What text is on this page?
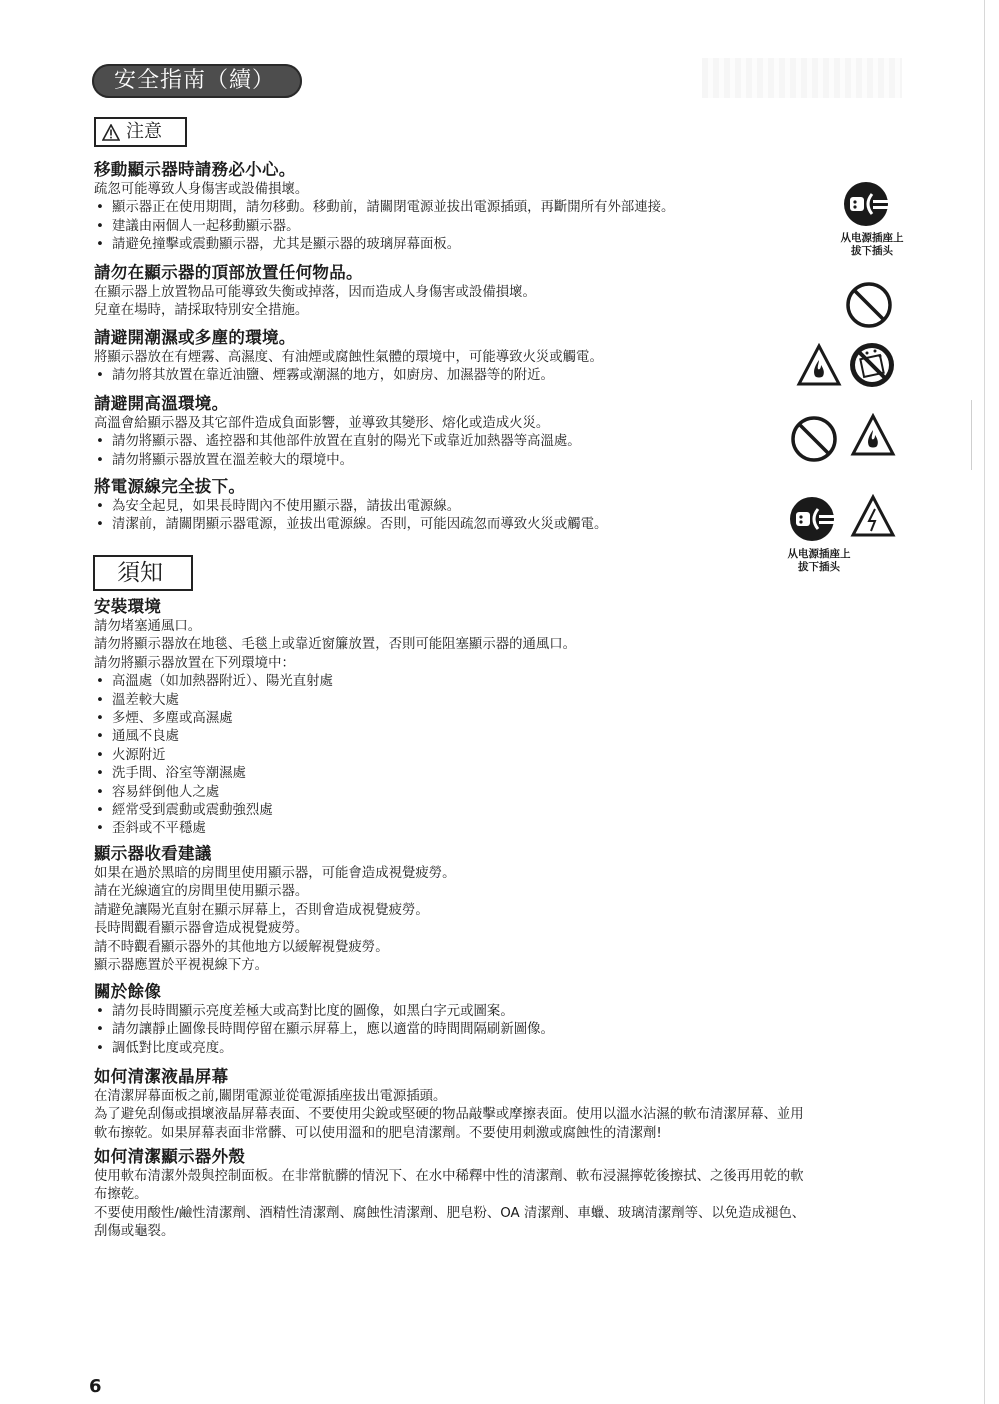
安全指南（續）
注意
移動顯示器時請務必小心。

疏忽可能導致人身傷害或設備損壞。

• 顯示器正在使用期間，請勿移動。移動前，請關閉電源並拔出電源插頭，再斷開所有外部連接。
• 建議由兩個人一起移動顯示器。
• 請避免撞擊或震動顯示器，尤其是顯示器的玻璃屏幕面板。
請勿在顯示器的頂部放置任何物品。

在顯示器上放置物品可能導致失衡或掉落，因而造成人身傷害或設備損壞。

兒童在場時，請採取特別安全措施。

請避開潮濕或多塵的環境。

將顯示器放在有煙霧、高濕度、有油煙或腐蝕性氣體的環境中，可能導致火災或觸電。

• 請勿將其放置在靠近油鹽、煙霧或潮濕的地方，如廚房、加濕器等的附近。
請避開高溫環境。

高溫會給顯示器及其它部件造成負面影響，並導致其變形、熔化或造成火災。

• 請勿將顯示器、遙控器和其他部件放置在直射的陽光下或靠近加熱器等高溫處。
• 請勿將顯示器放置在溫差較大的環境中。
將電源線完全拔下。
• 為安全起見，如果長時間內不使用顯示器，請拔出電源線。
• 清潔前，請關閉顯示器電源，並拔出電源線。否則，可能因疏忽而導致火災或觸電。
从电源插座上
拔下插头
从电源插座上
拔下插头
須知
安裝環境

請勿堵塞通風口。

請勿將顯示器放在地毯、毛毯上或靠近窗簾放置，否則可能阻塞顯示器的通風口。

請勿將顯示器放置在下列環境中：

• 高溫處（如加熱器附近）、陽光直射處
• 溫差較大處
• 多煙、多塵或高濕處
• 通風不良處
• 火源附近
• 洗手間、浴室等潮濕處
• 容易絆倒他人之處
• 經常受到震動或震動強烈處
• 歪斜或不平穩處
顯示器收看建議

如果在過於黑暗的房間里使用顯示器，可能會造成視覺疲勞。

請在光線適宜的房間里使用顯示器。

請避免讓陽光直射在顯示屏幕上，否則會造成視覺疲勞。

長時間觀看顯示器會造成視覺疲勞。

請不時觀看顯示器外的其他地方以緩解視覺疲勞。

顯示器應置於平視視線下方。

關於餘像
• 請勿長時間顯示亮度差極大或高對比度的圖像，如黑白字元或圖案。
• 請勿讓靜止圖像長時間停留在顯示屏幕上，應以適當的時間間隔刷新圖像。
• 調低對比度或亮度。
如何清潔液晶屏幕

在清潔屏幕面板之前,關閉電源並從電源插座拔出電源插頭。

為了避免刮傷或損壞液晶屏幕表面、不要使用尖銳或堅硬的物品敲擊或摩擦表面。使用以溫水沾濕的軟布清潔屏幕、並用

軟布擦乾。如果屏幕表面非常髒、可以使用溫和的肥皂清潔劑。不要使用刺激或腐蝕性的清潔劑!

如何清潔顯示器外殼

使用軟布清潔外殼與控制面板。在非常骯髒的情況下、在水中稀釋中性的清潔劑、軟布浸濕擰乾後擦拭、之後再用乾的軟

布擦乾。

不要使用酸性/鹼性清潔劑、酒精性清潔劑、腐蝕性清潔劑、肥皂粉、OA 清潔劑、車蠟、玻璃清潔劑等、以免造成褪色、

刮傷或龜裂。

6
